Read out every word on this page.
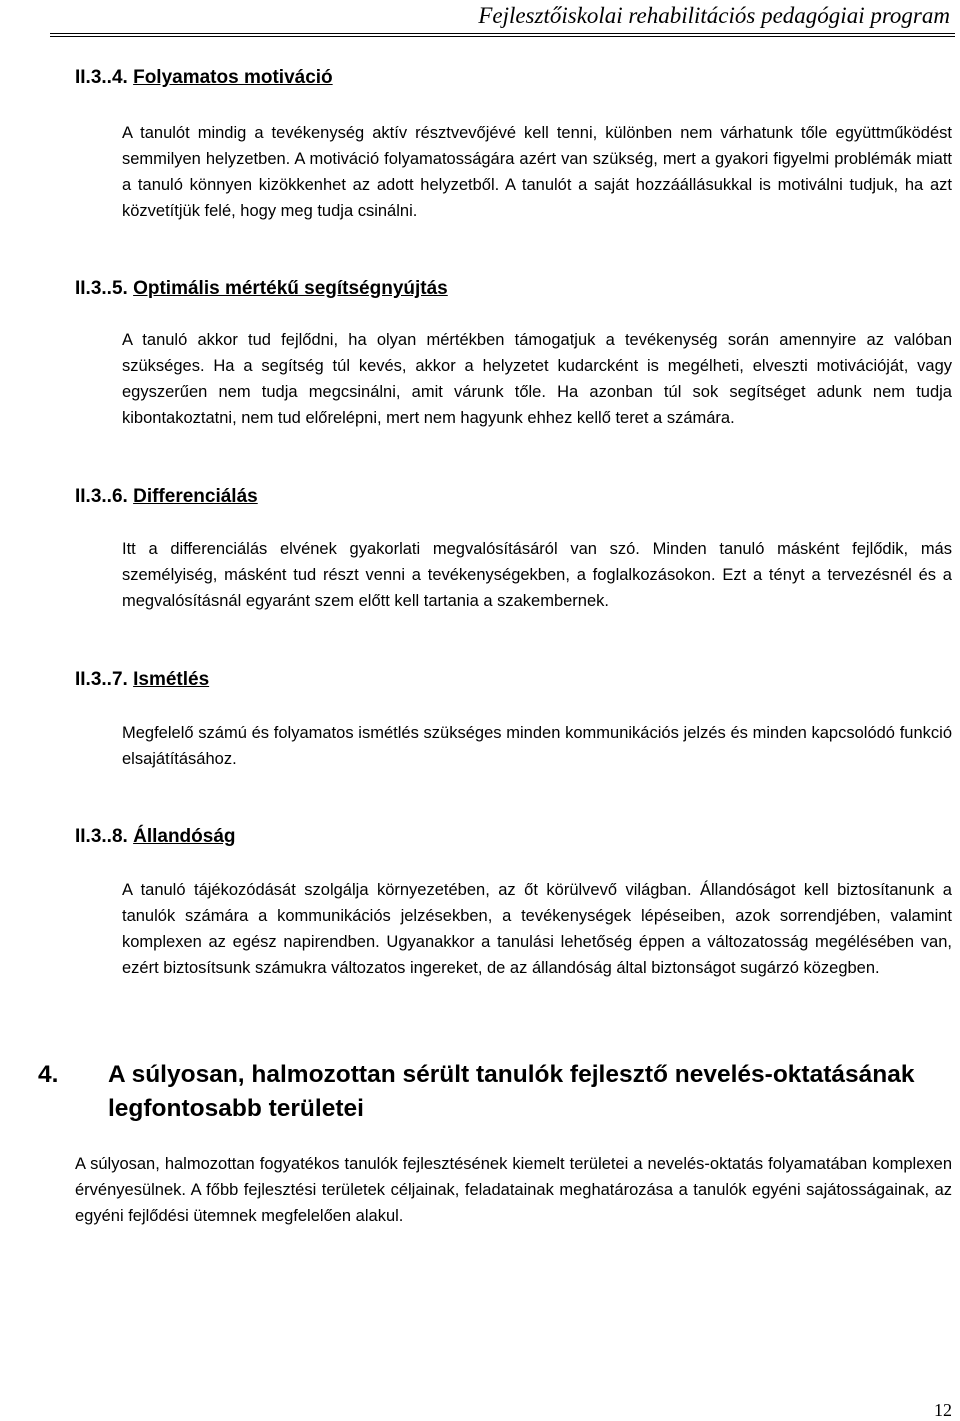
Fejlesztőiskolai rehabilitációs pedagógiai program

II.3..4. Folyamatos motiváció

A tanulót mindig a tevékenység aktív résztvevőjévé kell tenni, különben nem várhatunk tőle együttműködést semmilyen helyzetben. A motiváció folyamatosságára azért van szükség, mert a gyakori figyelmi problémák miatt a tanuló könnyen kizökkenhet az adott helyzetből. A tanulót a saját hozzáállásukkal is motiválni tudjuk, ha azt közvetítjük felé, hogy meg tudja csinálni.

II.3..5. Optimális mértékű segítségnyújtás

A tanuló akkor tud fejlődni, ha olyan mértékben támogatjuk a tevékenység során amennyire az valóban szükséges. Ha a segítség túl kevés, akkor a helyzetet kudarcként is megélheti, elveszti motivációját, vagy egyszerűen nem tudja megcsinálni, amit várunk tőle. Ha azonban túl sok segítséget adunk nem tudja kibontakoztatni, nem tud előrelépni, mert nem hagyunk ehhez kellő teret a számára.

II.3..6. Differenciálás

Itt a differenciálás elvének gyakorlati megvalósításáról van szó. Minden tanuló másként fejlődik, más személyiség, másként tud részt venni a tevékenységekben, a foglalkozásokon. Ezt a tényt a tervezésnél és a megvalósításnál egyaránt szem előtt kell tartania a szakembernek.

II.3..7. Ismétlés

Megfelelő számú és folyamatos ismétlés szükséges minden kommunikációs jelzés és minden kapcsolódó funkció elsajátításához.

II.3..8. Állandóság

A tanuló tájékozódását szolgálja környezetében, az őt körülvevő világban. Állandóságot kell biztosítanunk a tanulók számára a kommunikációs jelzésekben, a tevékenységek lépéseiben, azok sorrendjében, valamint komplexen az egész napirendben. Ugyanakkor a tanulási lehetőség éppen a változatosság megélésében van, ezért biztosítsunk számukra változatos ingereket, de az állandóság által biztonságot sugárzó közegben.

4.	A súlyosan, halmozottan sérült tanulók fejlesztő nevelés-oktatásának legfontosabb területei

A súlyosan, halmozottan fogyatékos tanulók fejlesztésének kiemelt területei a nevelés-oktatás folyamatában komplexen érvényesülnek. A főbb fejlesztési területek céljainak, feladatainak meghatározása a tanulók egyéni sajátosságainak, az egyéni fejlődési ütemnek megfelelően alakul.

12
